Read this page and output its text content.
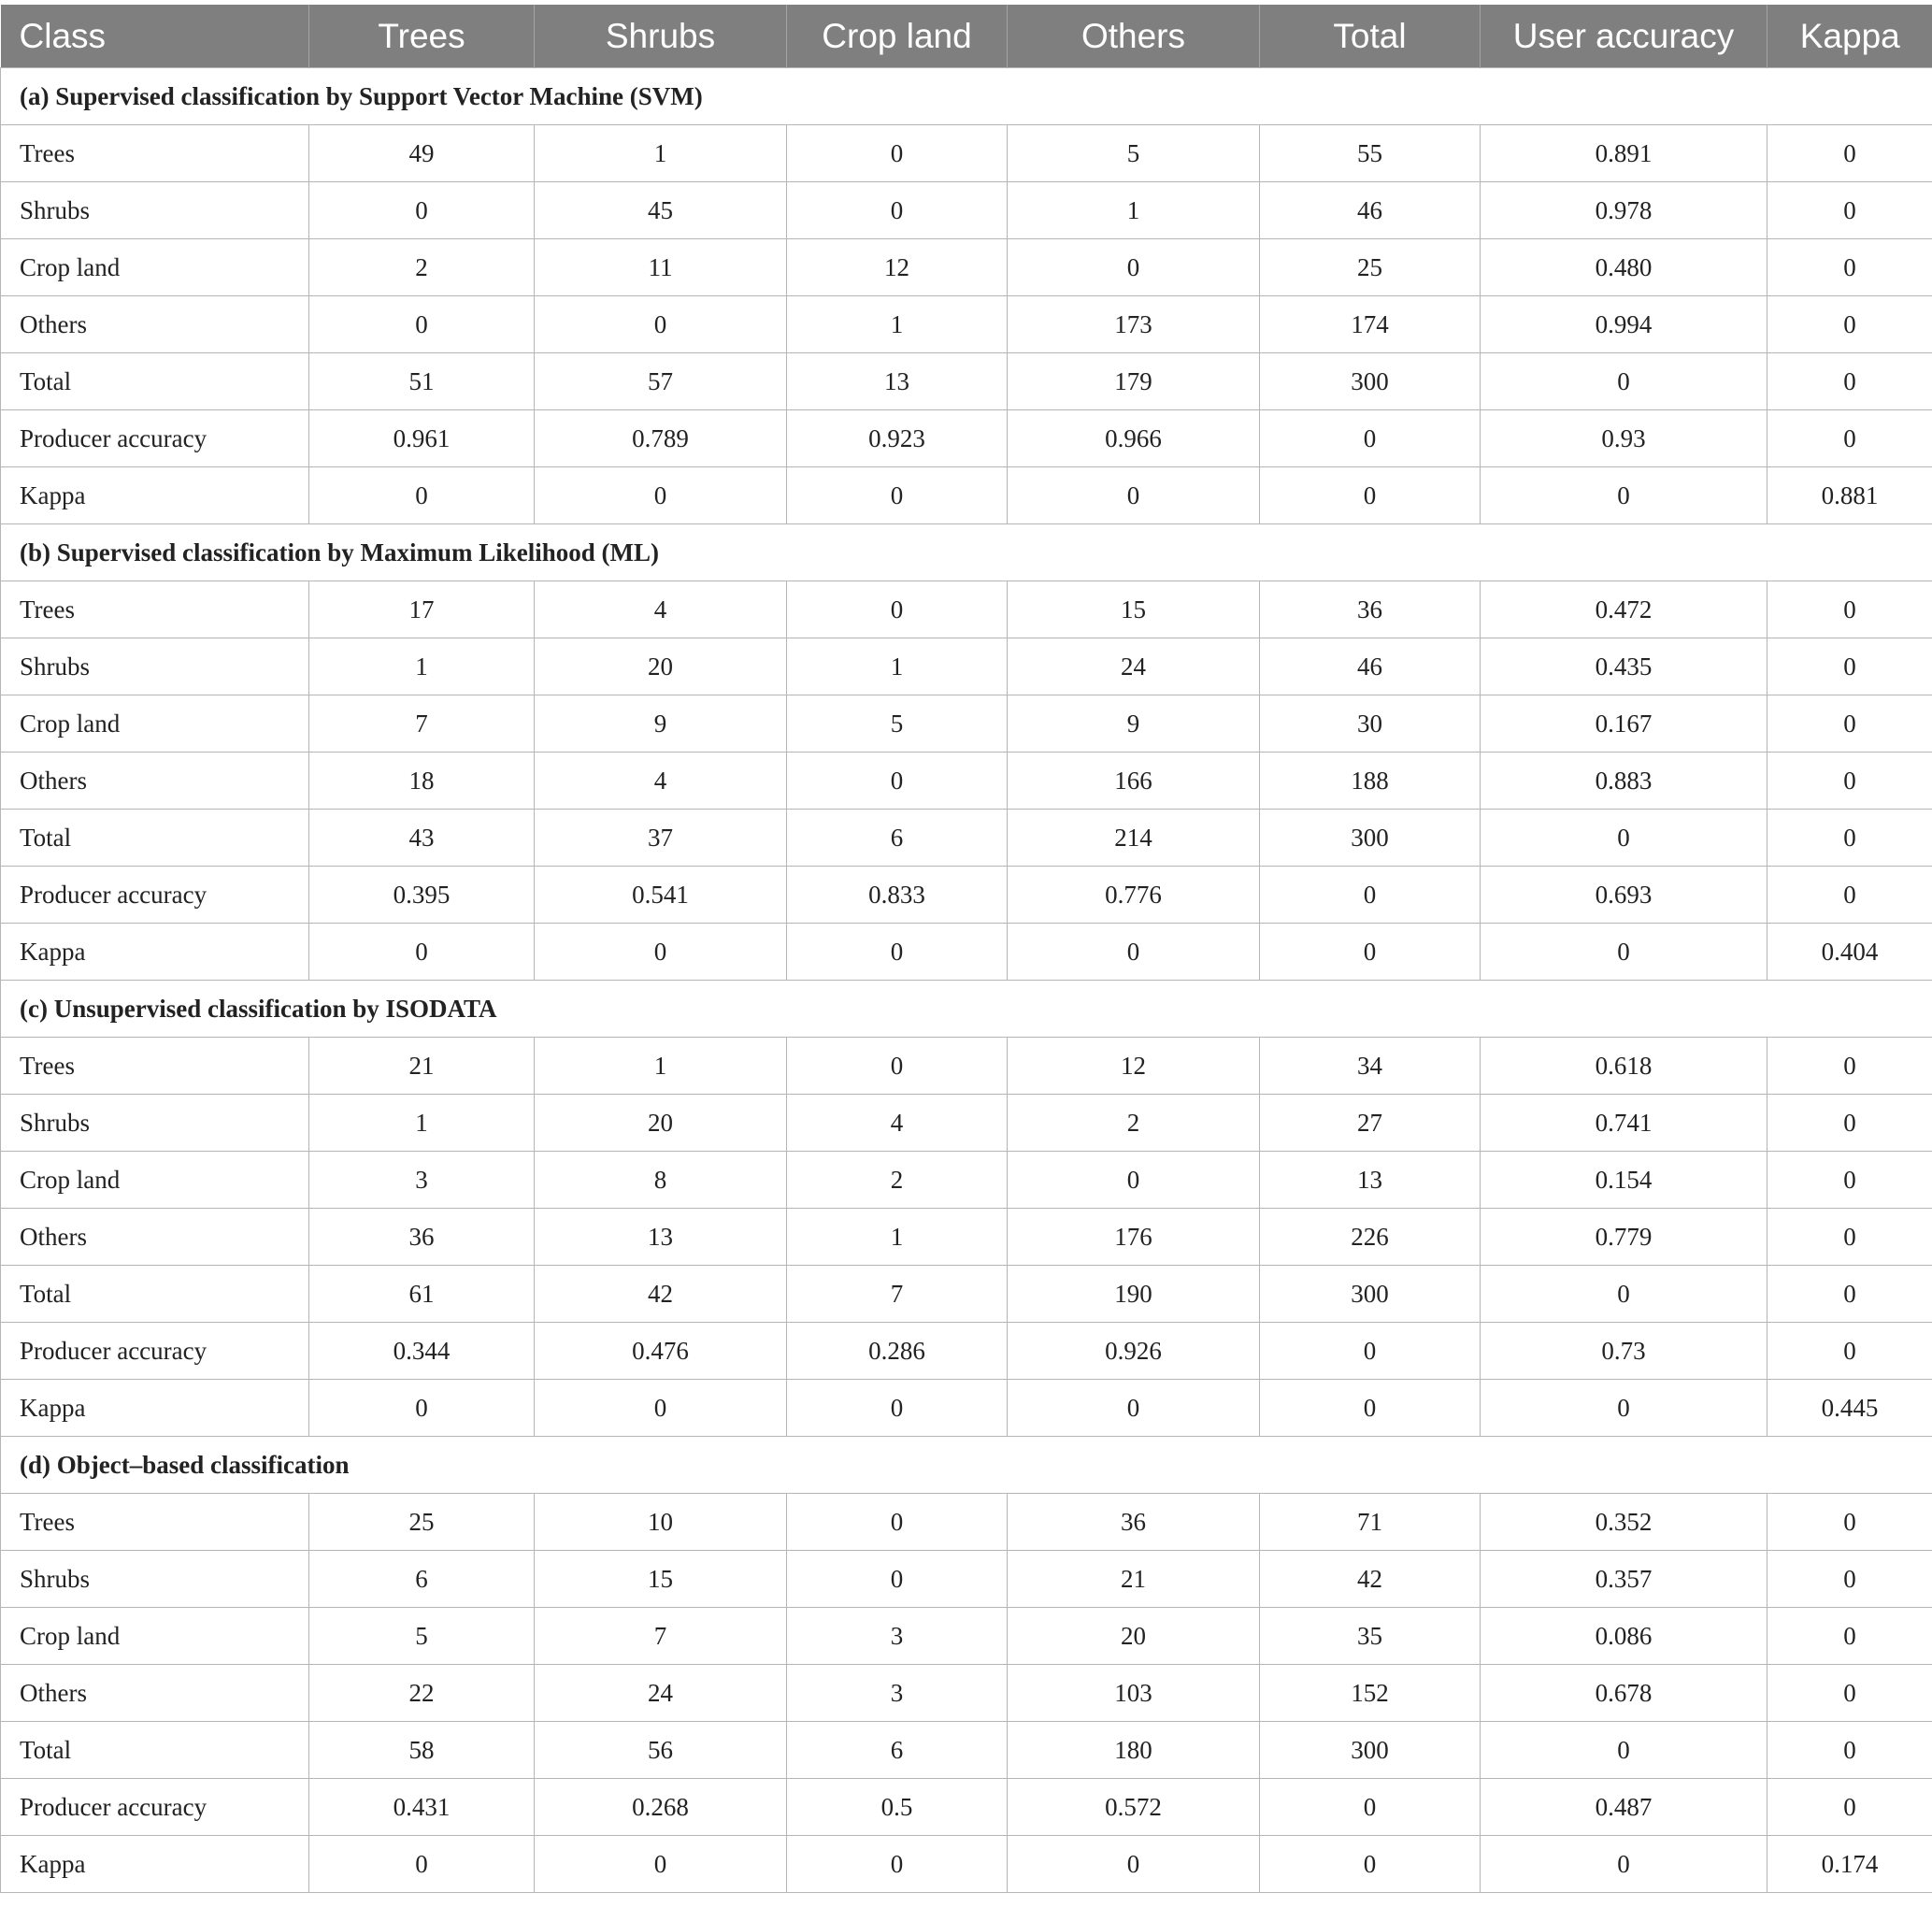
Class	Trees	Shrubs	Crop land	Others	Total	User accuracy	Kappa
(a) Supervised classification by Support Vector Machine (SVM)							
Trees	49	1	0	5	55	0.891	0
Shrubs	0	45	0	1	46	0.978	0
Crop land	2	11	12	0	25	0.480	0
Others	0	0	1	173	174	0.994	0
Total	51	57	13	179	300	0	0
Producer accuracy	0.961	0.789	0.923	0.966	0	0.93	0
Kappa	0	0	0	0	0	0	0.881
(b) Supervised classification by Maximum Likelihood (ML)							
Trees	17	4	0	15	36	0.472	0
Shrubs	1	20	1	24	46	0.435	0
Crop land	7	9	5	9	30	0.167	0
Others	18	4	0	166	188	0.883	0
Total	43	37	6	214	300	0	0
Producer accuracy	0.395	0.541	0.833	0.776	0	0.693	0
Kappa	0	0	0	0	0	0	0.404
(c) Unsupervised classification by ISODATA							
Trees	21	1	0	12	34	0.618	0
Shrubs	1	20	4	2	27	0.741	0
Crop land	3	8	2	0	13	0.154	0
Others	36	13	1	176	226	0.779	0
Total	61	42	7	190	300	0	0
Producer accuracy	0.344	0.476	0.286	0.926	0	0.73	0
Kappa	0	0	0	0	0	0	0.445
(d) Object–based classification							
Trees	25	10	0	36	71	0.352	0
Shrubs	6	15	0	21	42	0.357	0
Crop land	5	7	3	20	35	0.086	0
Others	22	24	3	103	152	0.678	0
Total	58	56	6	180	300	0	0
Producer accuracy	0.431	0.268	0.5	0.572	0	0.487	0
Kappa	0	0	0	0	0	0	0.174
